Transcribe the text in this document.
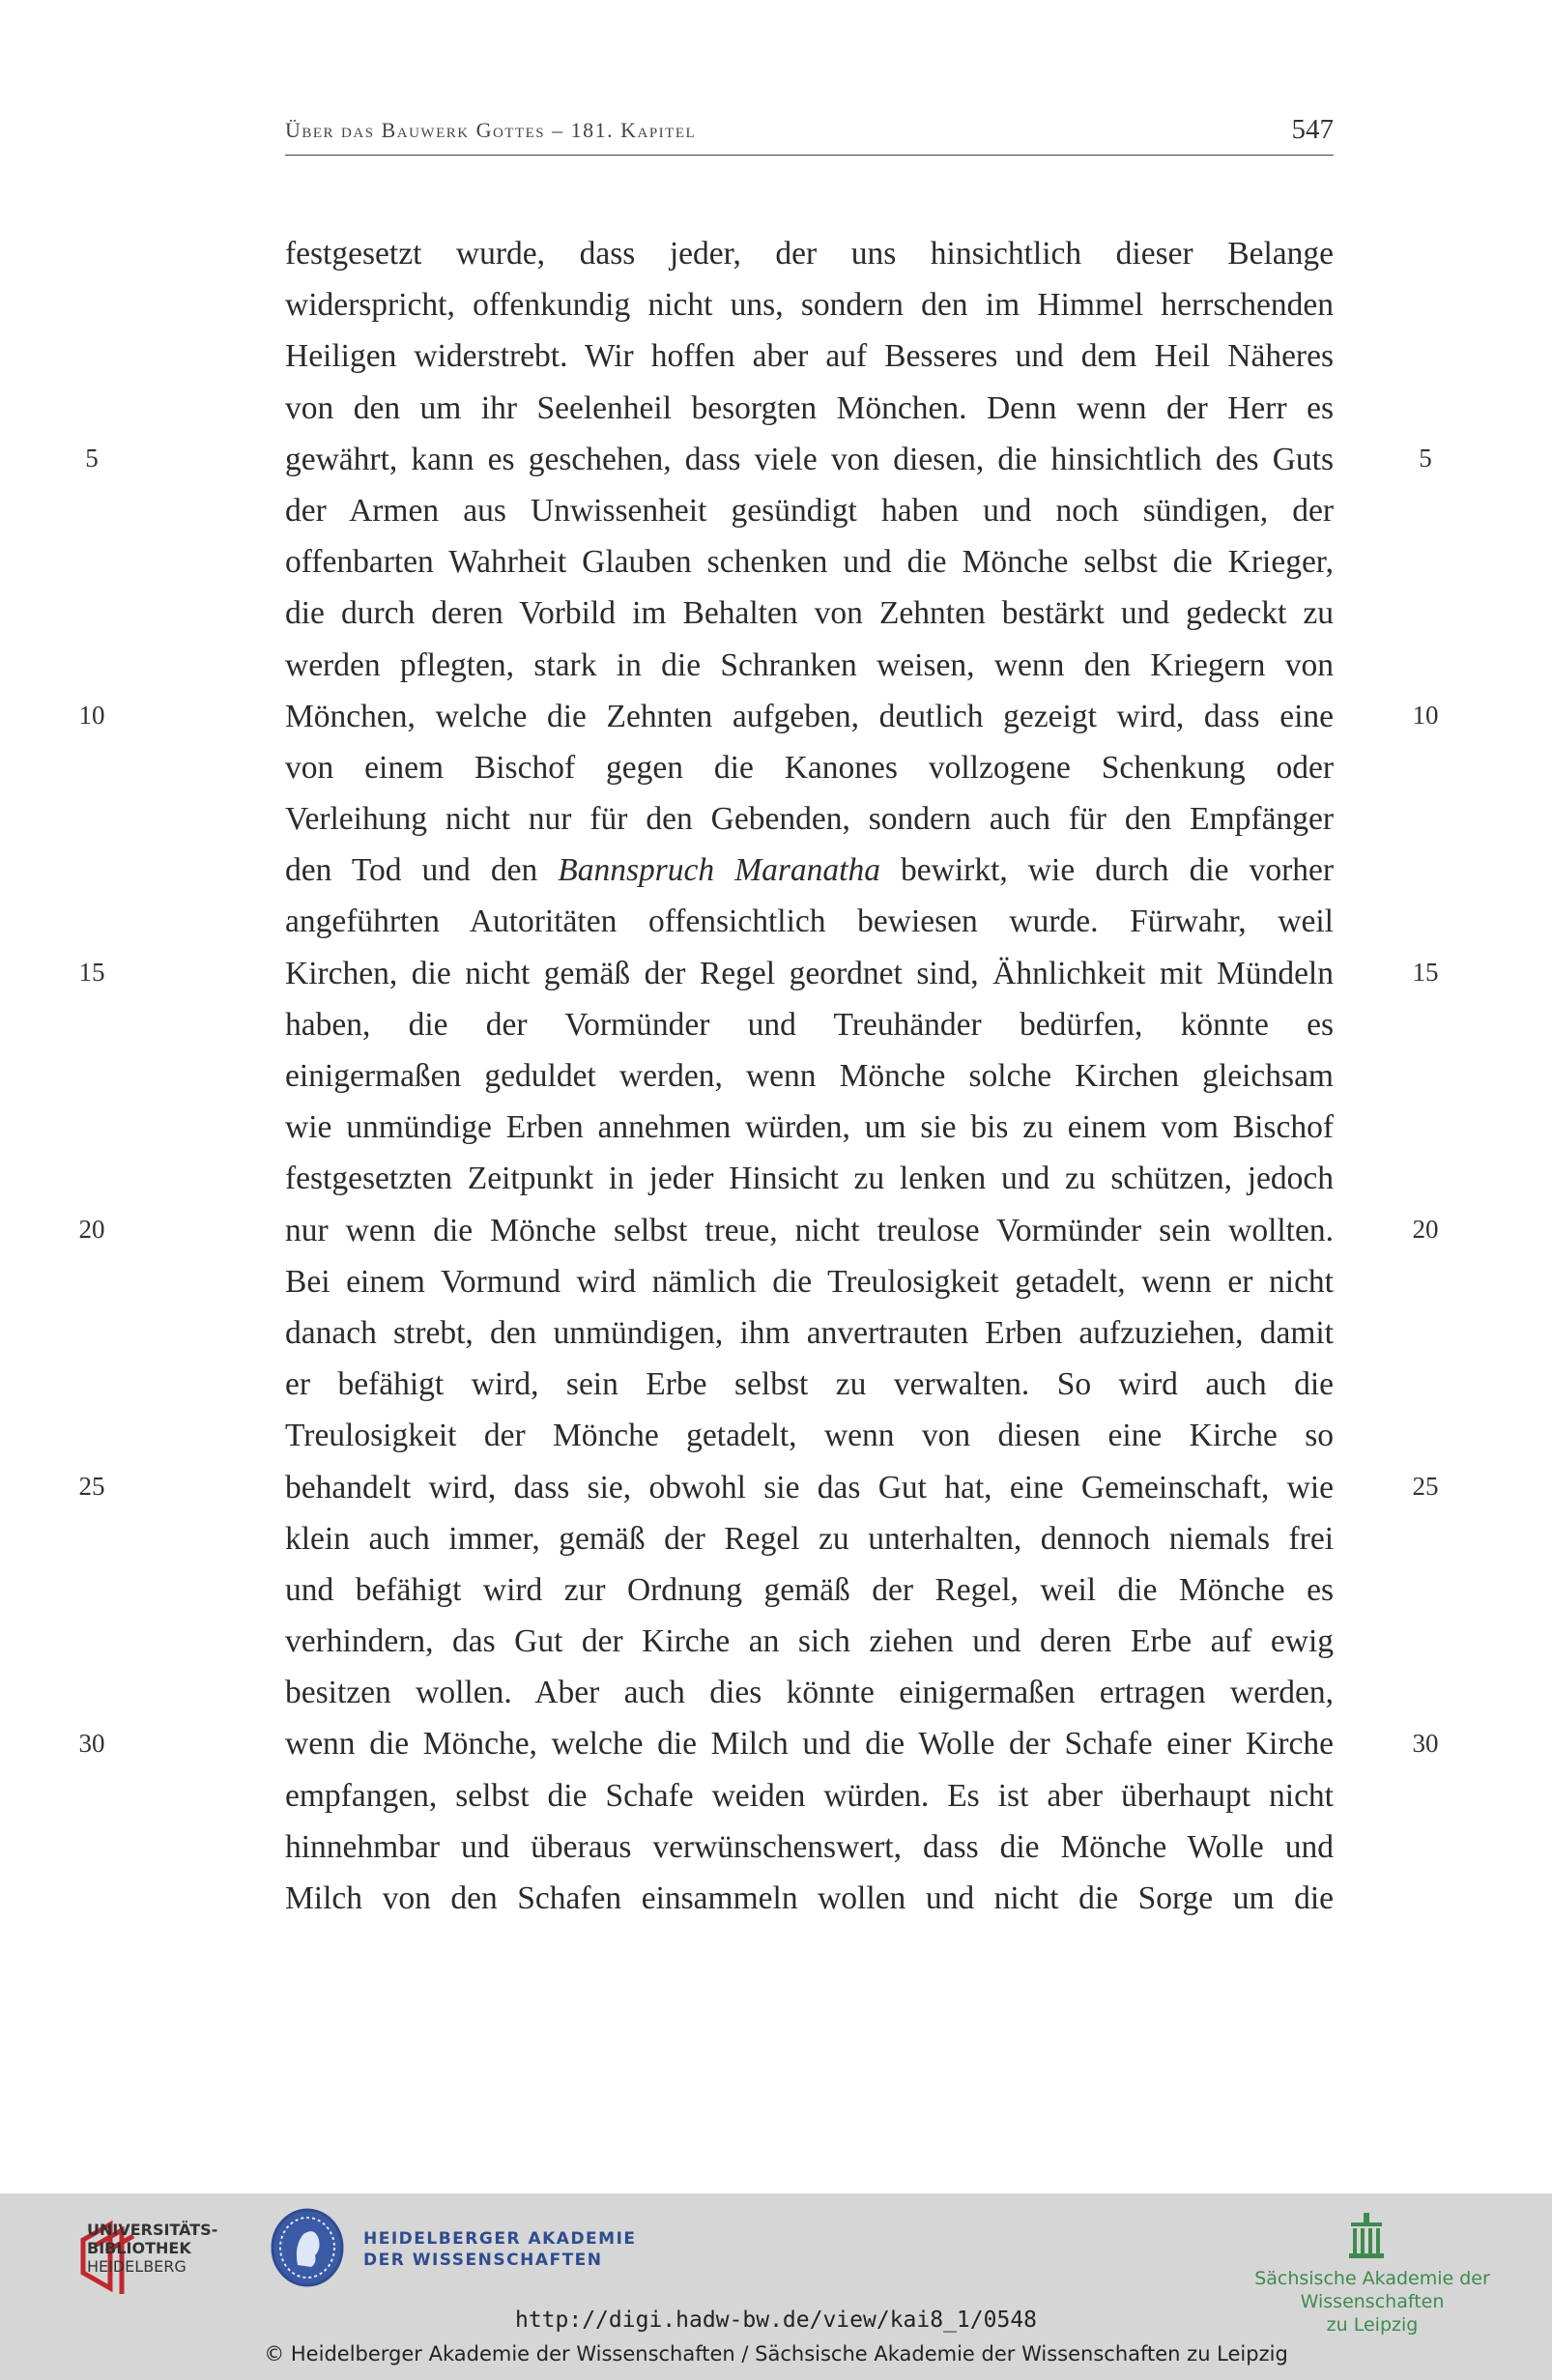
Über das Bauwerk Gottes – 181. Kapitel	547
festgesetzt wurde, dass jeder, der uns hinsichtlich dieser Belange
widerspricht, offenkundig nicht uns, sondern den im Himmel herrschenden
Heiligen widerstrebt. Wir hoffen aber auf Besseres und dem Heil Näheres
von den um ihr Seelenheil besorgten Mönchen. Denn wenn der Herr es
gewährt, kann es geschehen, dass viele von diesen, die hinsichtlich des Guts
der Armen aus Unwissenheit gesündigt haben und noch sündigen, der
offenbarten Wahrheit Glauben schenken und die Mönche selbst die Krieger,
die durch deren Vorbild im Behalten von Zehnten bestärkt und gedeckt zu
werden pflegten, stark in die Schranken weisen, wenn den Kriegern von
Mönchen, welche die Zehnten aufgeben, deutlich gezeigt wird, dass eine
von einem Bischof gegen die Kanones vollzogene Schenkung oder
Verleihung nicht nur für den Gebenden, sondern auch für den Empfänger
den Tod und den Bannspruch Maranatha bewirkt, wie durch die vorher
angeführten Autoritäten offensichtlich bewiesen wurde. Fürwahr, weil
Kirchen, die nicht gemäß der Regel geordnet sind, Ähnlichkeit mit Mündeln
haben, die der Vormünder und Treuhänder bedürfen, könnte es
einigermaßen geduldet werden, wenn Mönche solche Kirchen gleichsam
wie unmündige Erben annehmen würden, um sie bis zu einem vom Bischof
festgesetzten Zeitpunkt in jeder Hinsicht zu lenken und zu schützen, jedoch
nur wenn die Mönche selbst treue, nicht treulose Vormünder sein wollten.
Bei einem Vormund wird nämlich die Treulosigkeit getadelt, wenn er nicht
danach strebt, den unmündigen, ihm anvertrauten Erben aufzuziehen, damit
er befähigt wird, sein Erbe selbst zu verwalten. So wird auch die
Treulosigkeit der Mönche getadelt, wenn von diesen eine Kirche so
behandelt wird, dass sie, obwohl sie das Gut hat, eine Gemeinschaft, wie
klein auch immer, gemäß der Regel zu unterhalten, dennoch niemals frei
und befähigt wird zur Ordnung gemäß der Regel, weil die Mönche es
verhindern, das Gut der Kirche an sich ziehen und deren Erbe auf ewig
besitzen wollen. Aber auch dies könnte einigermaßen ertragen werden,
wenn die Mönche, welche die Milch und die Wolle der Schafe einer Kirche
empfangen, selbst die Schafe weiden würden. Es ist aber überhaupt nicht
hinnehmbar und überaus verwünschenswert, dass die Mönche Wolle und
Milch von den Schafen einsammeln wollen und nicht die Sorge um die
5	5
10	10
15	15
20	20
25	25
30	30
UNIVERSITÄTS-
BIBLIOTHEK
HEIDELBERG
HEIDELBERGER AKADEMIE
DER WISSENSCHAFTEN
Sächsische Akademie der Wissenschaften
zu Leipzig
http://digi.hadw-bw.de/view/kai8_1/0548
© Heidelberger Akademie der Wissenschaften / Sächsische Akademie der Wissenschaften zu Leipzig
